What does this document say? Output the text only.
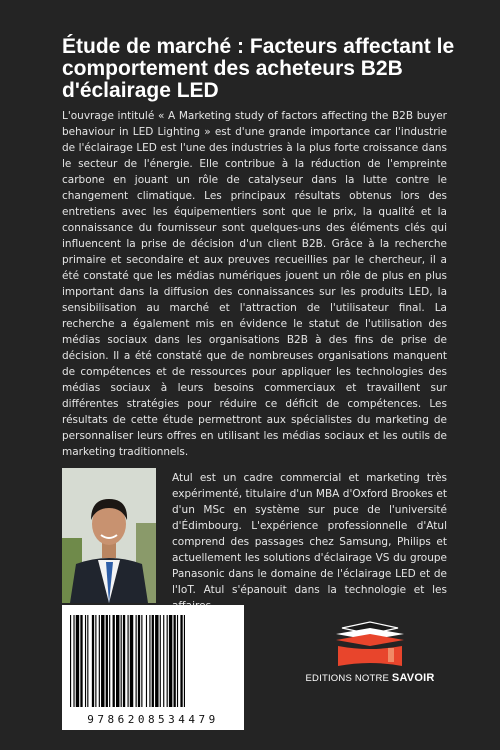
Étude de marché : Facteurs affectant le comportement des acheteurs B2B d'éclairage LED

L'ouvrage intitulé « A Marketing study of factors affecting the B2B buyer behaviour in LED Lighting » est d'une grande importance car l'industrie de l'éclairage LED est l'une des industries à la plus forte croissance dans le secteur de l'énergie. Elle contribue à la réduction de l'empreinte carbone en jouant un rôle de catalyseur dans la lutte contre le changement climatique. Les principaux résultats obtenus lors des entretiens avec les équipementiers sont que le prix, la qualité et la connaissance du fournisseur sont quelques-uns des éléments clés qui influencent la prise de décision d'un client B2B. Grâce à la recherche primaire et secondaire et aux preuves recueillies par le chercheur, il a été constaté que les médias numériques jouent un rôle de plus en plus important dans la diffusion des connaissances sur les produits LED, la sensibilisation au marché et l'attraction de l'utilisateur final. La recherche a également mis en évidence le statut de l'utilisation des médias sociaux dans les organisations B2B à des fins de prise de décision. Il a été constaté que de nombreuses organisations manquent de compétences et de ressources pour appliquer les technologies des médias sociaux à leurs besoins commerciaux et travaillent sur différentes stratégies pour réduire ce déficit de compétences. Les résultats de cette étude permettront aux spécialistes du marketing de personnaliser leurs offres en utilisant les médias sociaux et les outils de marketing traditionnels.

Atul est un cadre commercial et marketing très expérimenté, titulaire d'un MBA d'Oxford Brookes et d'un MSc en système sur puce de l'université d'Édimbourg. L'expérience professionnelle d'Atul comprend des passages chez Samsung, Philips et actuellement les solutions d'éclairage VS du groupe Panasonic dans le domaine de l'éclairage LED et de l'IoT. Atul s'épanouit dans la technologie et les

9786208534479
EDITIONS NOTRE SAVOIR
